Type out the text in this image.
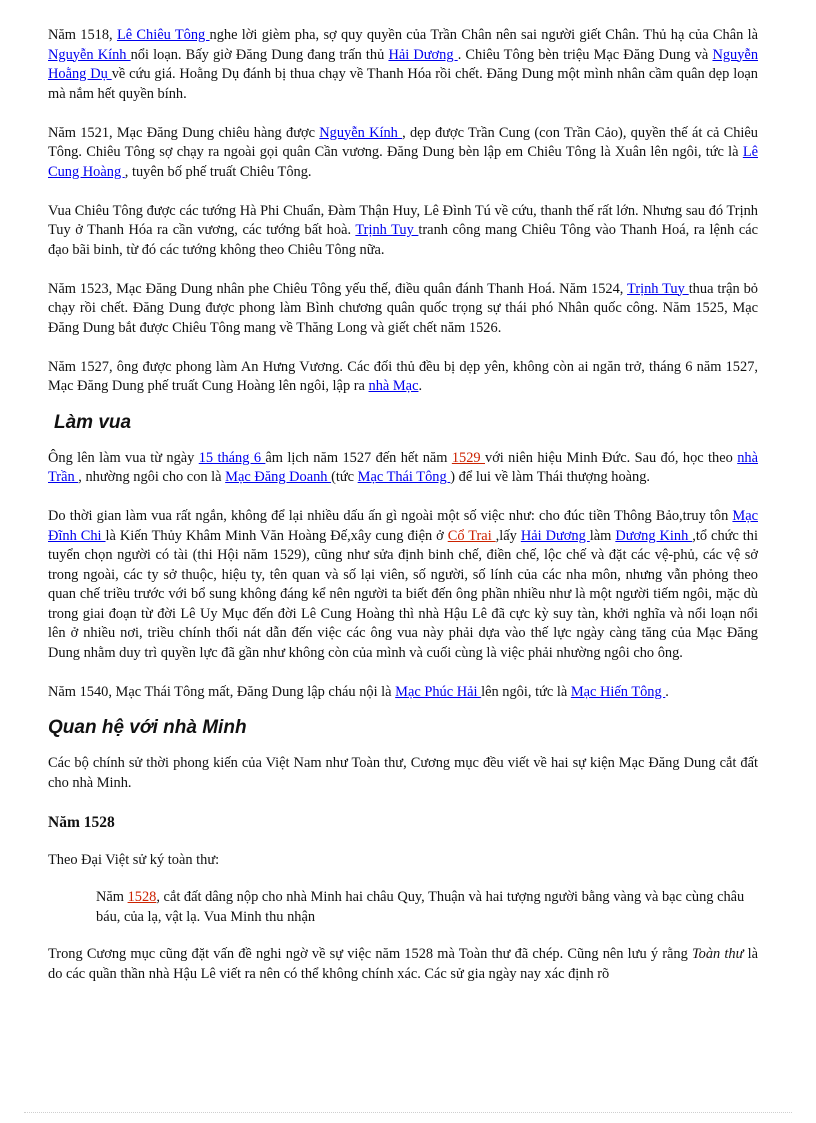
Năm 1518, Lê Chiêu Tông nghe lời gièm pha, sợ quy quyền của Trần Chân nên sai người giết Chân. Thủ hạ của Chân là Nguyễn Kính nổi loạn. Bấy giờ Đăng Dung đang trấn thủ Hải Dương . Chiêu Tông bèn triệu Mạc Đăng Dung và Nguyễn Hoằng Dụ về cứu giá. Hoằng Dụ đánh bị thua chạy về Thanh Hóa rồi chết. Đăng Dung một mình nhân cầm quân dẹp loạn mà nắm hết quyền bính.

Năm 1521, Mạc Đăng Dung chiêu hàng được Nguyễn Kính , dẹp được Trần Cung (con Trần Cảo), quyền thế át cả Chiêu Tông. Chiêu Tông sợ chạy ra ngoài gọi quân Cần vương. Đăng Dung bèn lập em Chiêu Tông là Xuân lên ngôi, tức là Lê Cung Hoàng , tuyên bố phế truất Chiêu Tông.

Vua Chiêu Tông được các tướng Hà Phi Chuẩn, Đàm Thận Huy, Lê Đình Tú về cứu, thanh thế rất lớn. Nhưng sau đó Trịnh Tuy ở Thanh Hóa ra cần vương, các tướng bất hoà. Trịnh Tuy tranh công mang Chiêu Tông vào Thanh Hoá, ra lệnh các đạo bãi binh, từ đó các tướng không theo Chiêu Tông nữa.

Năm 1523, Mạc Đăng Dung nhân phe Chiêu Tông yếu thế, điều quân đánh Thanh Hoá. Năm 1524, Trịnh Tuy thua trận bỏ chạy rồi chết. Đăng Dung được phong làm Bình chương quân quốc trọng sự thái phó Nhân quốc công. Năm 1525, Mạc Đăng Dung bắt được Chiêu Tông mang về Thăng Long và giết chết năm 1526.

Năm 1527, ông được phong làm An Hưng Vương. Các đối thủ đều bị dẹp yên, không còn ai ngăn trở, tháng 6 năm 1527, Mạc Đăng Dung phế truất Cung Hoàng lên ngôi, lập ra nhà Mạc.

Làm vua

Ông lên làm vua từ ngày 15 tháng 6 âm lịch năm 1527 đến hết năm 1529 với niên hiệu Minh Đức. Sau đó, học theo nhà Trần , nhường ngôi cho con là Mạc Đăng Doanh (tức Mạc Thái Tông ) để lui về làm Thái thượng hoàng.

Do thời gian làm vua rất ngắn, không để lại nhiều dấu ấn gì ngoài một số việc như: cho đúc tiền Thông Bảo,truy tôn Mạc Đĩnh Chi là Kiến Thủy Khâm Minh Văn Hoàng Đế,xây cung điện ở Cổ Trai ,lấy Hải Dương làm Dương Kinh ,tổ chức thi tuyển chọn người có tài (thi Hội năm 1529), cũng như sửa định binh chế, điền chế, lộc chế và đặt các vệ-phủ, các vệ sở trong ngoài, các ty sở thuộc, hiệu ty, tên quan và số lại viên, số người, số lính của các nha môn, nhưng vẫn phỏng theo quan chế triều trước với bổ sung không đáng kể nên người ta biết đến ông phần nhiều như là một người tiếm ngôi, mặc dù trong giai đoạn từ đời Lê Uy Mục đến đời Lê Cung Hoàng thì nhà Hậu Lê đã cực kỳ suy tàn, khởi nghĩa và nổi loạn nổi lên ở nhiều nơi, triều chính thối nát dẫn đến việc các ông vua này phải dựa vào thế lực ngày càng tăng của Mạc Đăng Dung nhằm duy trì quyền lực đã gần như không còn của mình và cuối cùng là việc phải nhường ngôi cho ông.

Năm 1540, Mạc Thái Tông mất, Đăng Dung lập cháu nội là Mạc Phúc Hải lên ngôi, tức là Mạc Hiến Tông .

Quan hệ với nhà Minh

Các bộ chính sử thời phong kiến của Việt Nam như Toàn thư, Cương mục đều viết về hai sự kiện Mạc Đăng Dung cắt đất cho nhà Minh.

Năm 1528

Theo Đại Việt sử ký toàn thư:

Năm 1528, cắt đất dâng nộp cho nhà Minh hai châu Quy, Thuận và hai tượng người bằng vàng và bạc cùng châu báu, của lạ, vật lạ. Vua Minh thu nhận

Trong Cương mục cũng đặt vấn đề nghi ngờ về sự việc năm 1528 mà Toàn thư đã chép. Cũng nên lưu ý rằng Toàn thư là do các quần thần nhà Hậu Lê viết ra nên có thể không chính xác. Các sử gia ngày nay xác định rõ
